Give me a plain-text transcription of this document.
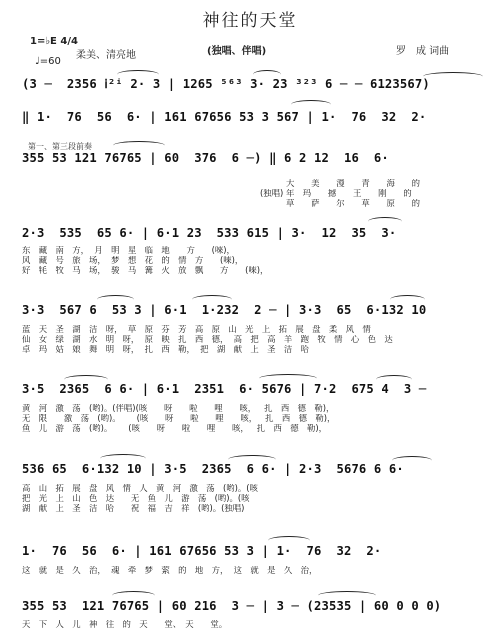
神往的天堂
1=♭E 4/4
♩=60
柔美、清亮地	(独唱、伴唱)	罗　成 词曲
(3 ─  2356 ⅰ²ⁱ 2· 3 | 1265 ⁵⁶³ 3· 23 ³²³ 6 ─ ─ 6123567)
‖ 1·  76  56  6· | 161 67656 53 3 567 | 1·  76  32  2·
355 53 121 76765 | 60  376  6 ─) ‖ 6 2 12  16  6·
第一、第三段前奏
大　　美　　漫　　青　　海　　的
(独唱) 年　玛　　撼　　王　　刚　　的
草　　萨　　尔　　草　　原　　的
2·3  535  65 6· | 6·1 23  533 615 | 3·  12  35  3·
东　藏　南　方，  月　明　星　临　地　　方　　(唻)，
风　藏　号　旅　场，  梦　想　花　的　情　方　　(唻)，
好　牦　牧　马　场，  骏　马　篝　火　放　飘　　方　　(唻)，
3·3  567 6  53 3 | 6·1  1·232  2 ─ | 3·3  65  6·132 10
蓝　天　圣　湖　洁　呀，  草　原　芬　芳　高　原　山　光　上　拓　展　盘　柔　风　情
仙　女　绿　湖　水　明　呀，  原　映　扎　西　德，  高　把　高　羊　跑　牧　情　心　色　达
卓　玛　姑　娘　舞　明　呀，  扎　西　勒，  把　湖　献　上　圣　洁　哈
3·5  2365  6 6· | 6·1  2351  6· 5676 | 7·2  675 4  3 ─
黄　河　激　荡　(哟)。(伴唱)(咳　　呀　　啦　　哩　　咳，   扎　西　德　勒)，
无　限　　激　荡　(哟)。      (咳　　呀　　啦　　哩　　咳，   扎　西　德　勒)，
鱼　儿　游　荡　(哟)。      (咳　　呀　　啦　　哩　　咳，   扎　西　德　勒)，
536 65  6·132 10 | 3·5  2365  6 6· | 2·3  5676 6 6·
高　山　拓　展　盘　风　情　人　黄　河　激　荡　(哟)。(咳
把　光　上　山　色　达　　无　鱼　儿　游　荡　(哟)。(咳
湖　献　上　圣　洁　哈　　祝　福　吉　祥　(哟)。(独唱)
1·  76  56  6· | 161 67656 53 3 | 1·  76  32  2·
这　就　是　久　治，  魂　牵　梦　萦　的　地　方，  这　就　是　久　治，
355 53  121 76765 | 60 216  3 ─ | 3 ─ (23535 | 60 0 0 0)
天　下　人　儿　神　往　的　天　　堂、　天　　堂。
